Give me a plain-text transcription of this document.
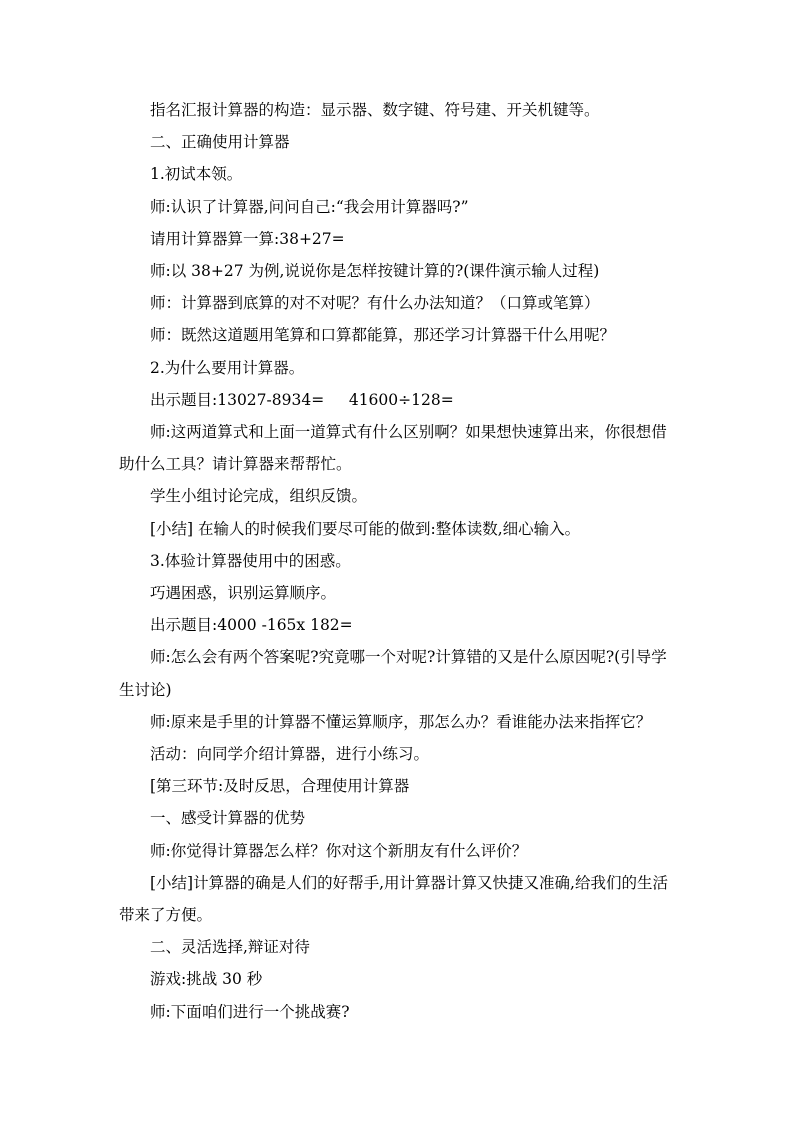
指名汇报计算器的构造：显示器、数字键、符号建、开关机键等。

二、正确使用计算器

1.初试本领。

师:认识了计算器,问问自己:“我会用计算器吗?”

请用计算器算一算:38+27=

师:以 38+27 为例,说说你是怎样按键计算的?(课件演示输人过程)

师：计算器到底算的对不对呢？有什么办法知道？（口算或笔算）

师：既然这道题用笔算和口算都能算，那还学习计算器干什么用呢？

2.为什么要用计算器。

出示题目:13027-8934=     41600÷128=

师:这两道算式和上面一道算式有什么区别啊？如果想快速算出来，你很想借助什么工具？请计算器来帮帮忙。

学生小组讨论完成，组织反馈。

[小结] 在输人的时候我们要尽可能的做到:整体读数,细心输入。

3.体验计算器使用中的困惑。

巧遇困惑，识别运算顺序。

出示题目:4000 -165x 182=

师:怎么会有两个答案呢?究竟哪一个对呢?计算错的又是什么原因呢?(引导学生讨论)

师:原来是手里的计算器不懂运算顺序，那怎么办？看谁能办法来指挥它？

活动：向同学介绍计算器，进行小练习。

[第三环节:及时反思，合理使用计算器

一、感受计算器的优势

师:你觉得计算器怎么样？你对这个新朋友有什么评价？

[小结]计算器的确是人们的好帮手,用计算器计算又快捷又准确,给我们的生活带来了方便。

二、灵活选择,辩证对待

游戏:挑战 30 秒

师:下面咱们进行一个挑战赛?
